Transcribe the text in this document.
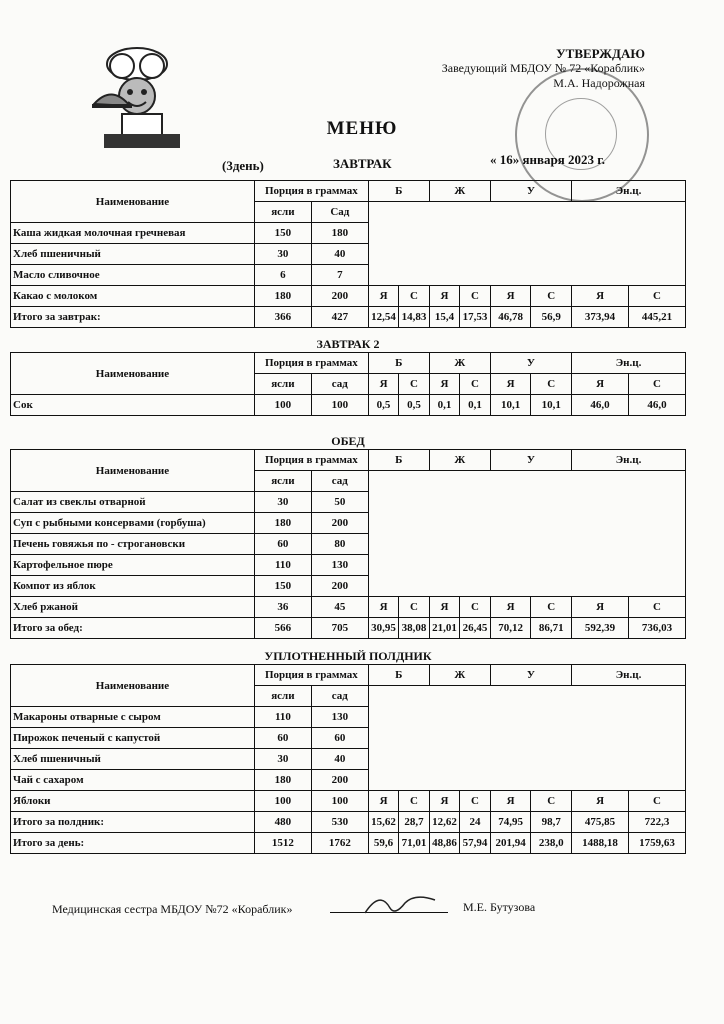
УТВЕРЖДАЮ
Заведующий МБДОУ № 72 «Кораблик»
М.А. Надорожная
МЕНЮ
(3день)	ЗАВТРАК	« 16» января 2023 г.
Наименование	Порция в граммах		Б		Ж		У		Эн.ц.	
	ясли	Сад								
Каша жидкая молочная гречневая	150	180								
Хлеб пшеничный	30	40								
Масло сливочное	6	7								
Какао с молоком	180	200	Я	С	Я	С	Я	С	Я	С
Итого за завтрак:	366	427	12,54	14,83	15,4	17,53	46,78	56,9	373,94	445,21
ЗАВТРАК 2
Наименование	Порция в граммах		Б		Ж		У		Эн.ц.	
	ясли	сад	Я	С	Я	С	Я	С	Я	С
Сок	100	100	0,5	0,5	0,1	0,1	10,1	10,1	46,0	46,0
ОБЕД
Наименование	Порция в граммах		Б		Ж		У		Эн.ц.	
	ясли	сад								
Салат из свеклы отварной	30	50								
Суп с рыбными консервами (горбуша)	180	200								
Печень говяжья по - строгановски	60	80								
Картофельное пюре	110	130								
Компот из яблок	150	200								
Хлеб ржаной	36	45	Я	С	Я	С	Я	С	Я	С
Итого за обед:	566	705	30,95	38,08	21,01	26,45	70,12	86,71	592,39	736,03
УПЛОТНЕННЫЙ ПОЛДНИК
Наименование	Порция в граммах		Б		Ж		У		Эн.ц.	
	ясли	сад								
Макароны отварные с сыром	110	130								
Пирожок печеный с капустой	60	60								
Хлеб пшеничный	30	40								
Чай с сахаром	180	200								
Яблоки	100	100	Я	С	Я	С	Я	С	Я	С
Итого за полдник:	480	530	15,62	28,7	12,62	24	74,95	98,7	475,85	722,3
Итого за день:	1512	1762	59,6	71,01	48,86	57,94	201,94	238,0	1488,18	1759,63
Медицинская сестра МБДОУ №72 «Кораблик»	М.Е. Бутузова
